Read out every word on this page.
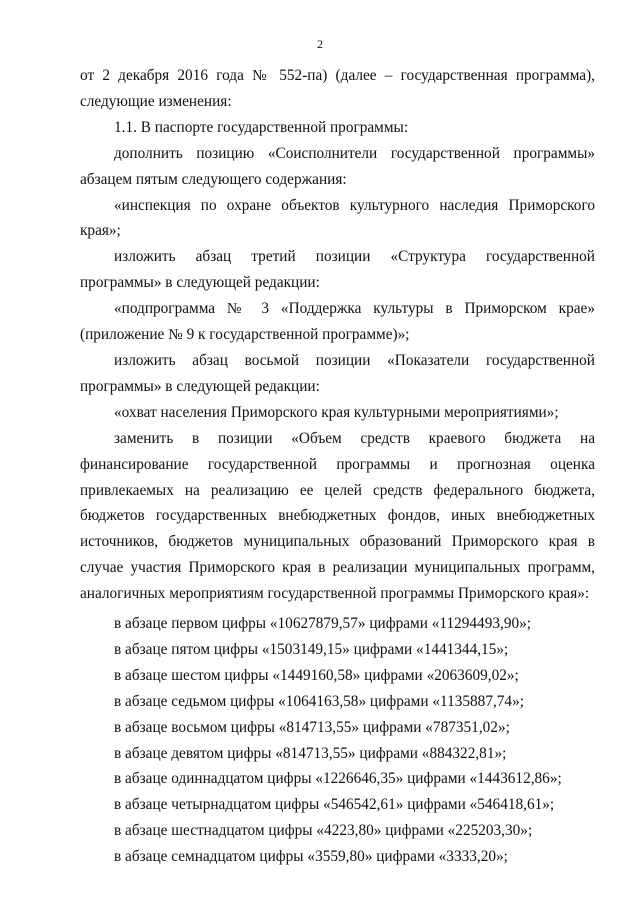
2

от 2 декабря 2016 года № 552-па) (далее – государственная программа), следующие изменения:

1.1. В паспорте государственной программы:

дополнить позицию «Соисполнители государственной программы» абзацем пятым следующего содержания:

«инспекция по охране объектов культурного наследия Приморского края»;

изложить абзац третий позиции «Структура государственной программы» в следующей редакции:

«подпрограмма № 3 «Поддержка культуры в Приморском крае» (приложение № 9 к государственной программе)»;

изложить абзац восьмой позиции «Показатели государственной программы» в следующей редакции:

«охват населения Приморского края культурными мероприятиями»;

заменить в позиции «Объем средств краевого бюджета на финансирование государственной программы и прогнозная оценка привлекаемых на реализацию ее целей средств федерального бюджета, бюджетов государственных внебюджетных фондов, иных внебюджетных источников, бюджетов муниципальных образований Приморского края в случае участия Приморского края в реализации муниципальных программ, аналогичных мероприятиям государственной программы Приморского края»:

в абзаце первом цифры «10627879,57» цифрами «11294493,90»;
в абзаце пятом цифры «1503149,15» цифрами «1441344,15»;
в абзаце шестом цифры «1449160,58» цифрами «2063609,02»;
в абзаце седьмом цифры «1064163,58» цифрами «1135887,74»;
в абзаце восьмом цифры «814713,55» цифрами «787351,02»;
в абзаце девятом цифры «814713,55» цифрами «884322,81»;
в абзаце одиннадцатом цифры «1226646,35» цифрами «1443612,86»;
в абзаце четырнадцатом цифры «546542,61» цифрами «546418,61»;
в абзаце шестнадцатом цифры «4223,80» цифрами «225203,30»;
в абзаце семнадцатом цифры «3559,80» цифрами «3333,20»;
